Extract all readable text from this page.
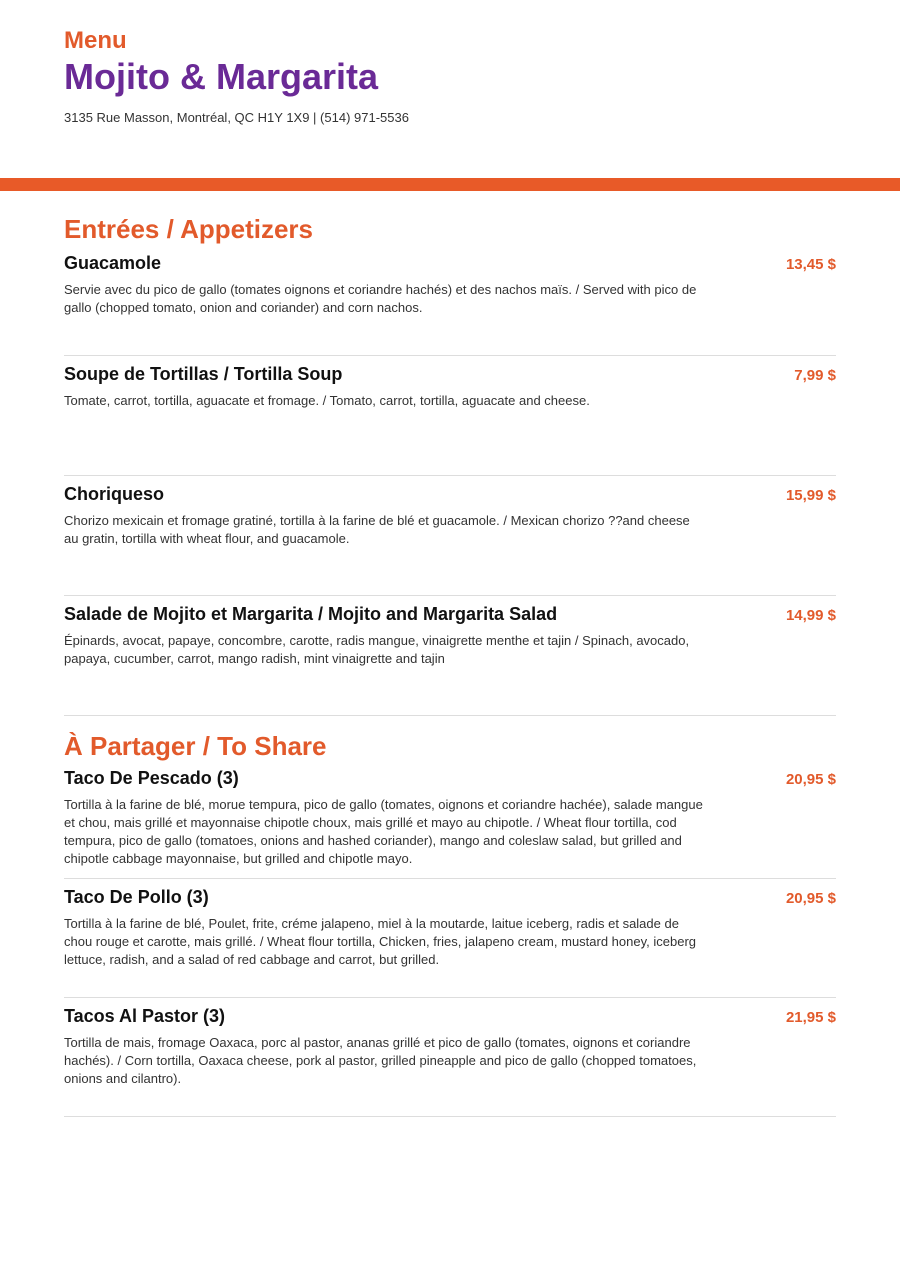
Menu
Mojito & Margarita
3135 Rue Masson, Montréal, QC H1Y 1X9 | (514) 971-5536
Entrées / Appetizers
Guacamole	13,45 $
Servie avec du pico de gallo (tomates oignons et coriandre hachés) et des nachos maïs. / Served with pico de gallo (chopped tomato, onion and coriander) and corn nachos.
Soupe de Tortillas / Tortilla Soup	7,99 $
Tomate, carrot, tortilla, aguacate et fromage. / Tomato, carrot, tortilla, aguacate and cheese.
Choriqueso	15,99 $
Chorizo mexicain et fromage gratiné, tortilla à la farine de blé et guacamole. / Mexican chorizo ??and cheese au gratin, tortilla with wheat flour, and guacamole.
Salade de Mojito et Margarita / Mojito and Margarita Salad	14,99 $
Épinards, avocat, papaye, concombre, carotte, radis mangue, vinaigrette menthe et tajin / Spinach, avocado, papaya, cucumber, carrot, mango radish, mint vinaigrette and tajin
À Partager / To Share
Taco De Pescado (3)	20,95 $
Tortilla à la farine de blé, morue tempura, pico de gallo (tomates, oignons et coriandre hachée), salade mangue et chou, mais grillé et mayonnaise chipotle choux, mais grillé et mayo au chipotle. / Wheat flour tortilla, cod tempura, pico de gallo (tomatoes, onions and hashed coriander), mango and coleslaw salad, but grilled and chipotle cabbage mayonnaise, but grilled and chipotle mayo.
Taco De Pollo (3)	20,95 $
Tortilla à la farine de blé, Poulet, frite, créme jalapeno, miel à la moutarde, laitue iceberg, radis et salade de chou rouge et carotte, mais grillé. / Wheat flour tortilla, Chicken, fries, jalapeno cream, mustard honey, iceberg lettuce, radish, and a salad of red cabbage and carrot, but grilled.
Tacos Al Pastor (3)	21,95 $
Tortilla de mais, fromage Oaxaca, porc al pastor, ananas grillé et pico de gallo (tomates, oignons et coriandre hachés). / Corn tortilla, Oaxaca cheese, pork al pastor, grilled pineapple and pico de gallo (chopped tomatoes, onions and cilantro).
